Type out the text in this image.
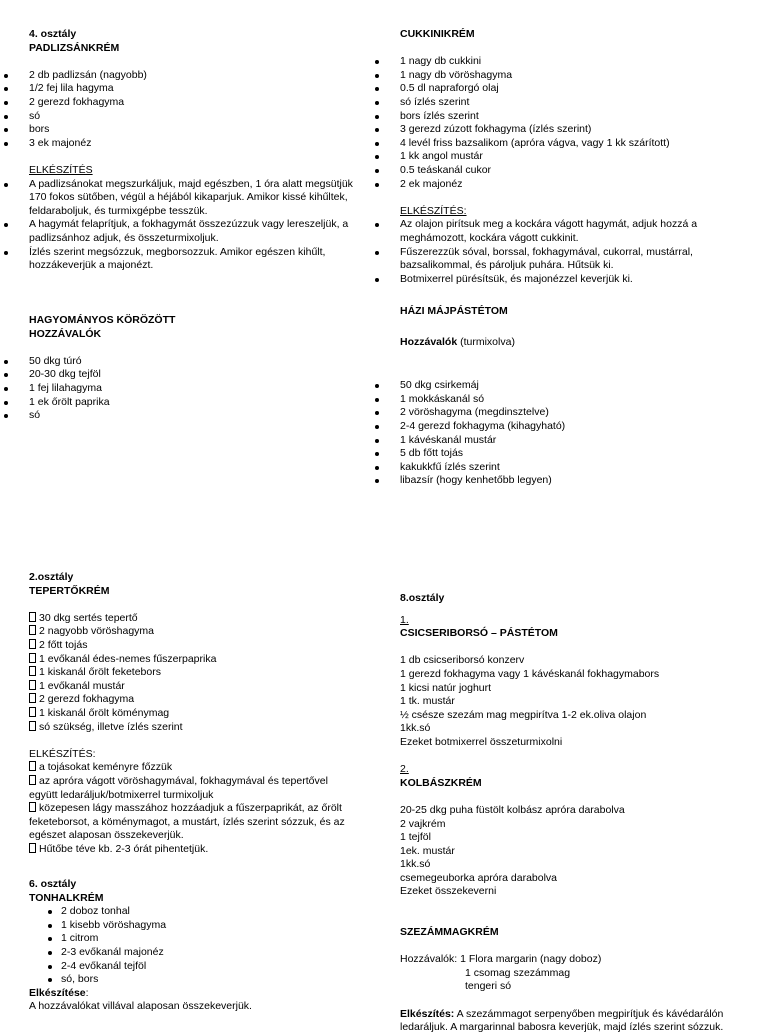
4. osztály
PADLIZSÁNKRÉM
2 db padlizsán (nagyobb)
1/2 fej lila hagyma
2 gerezd fokhagyma
só
bors
3 ek majonéz
ELKÉSZÍTÉS
A padlizsánokat megszurkáljuk, majd egészben, 1 óra alatt megsütjük
170 fokos sütőben, végül a héjából kikaparjuk. Amikor kissé kihűltek,
feldaraboljuk, és turmixgépbe tesszük.
A hagymát felaprítjuk, a fokhagymát összezúzzuk vagy lereszeljük, a
padlizsánhoz adjuk, és összeturmixoljuk.
Ízlés szerint megsózzuk, megborsozzuk. Amikor egészen kihűlt,
hozzákeverjük a majonézt.
HAGYOMÁNYOS KÖRÖZÖTT
HOZZÁVALÓK
50 dkg túró
20-30 dkg tejföl
1 fej lilahagyma
1 ek őrölt paprika
só
2.osztály
TEPERTŐKRÉM
30 dkg sertés tepertő
2 nagyobb vöröshagyma
2 főtt tojás
1 evőkanál édes-nemes fűszerpaprika
1 kiskanál őrölt feketebors
1 evőkanál mustár
2 gerezd fokhagyma
1 kiskanál őrölt köménymag
só szükség, illetve ízlés szerint
ELKÉSZÍTÉS:
a tojásokat keményre főzzük
az apróra vágott vöröshagymával, fokhagymával és tepertővel
együtt ledaráljuk/botmixerrel turmixoljuk
közepesen lágy masszához hozzáadjuk a fűszerpaprikát, az őrölt
feketeborsot, a köménymagot, a mustárt, ízlés szerint sózzuk, és az
egészet alaposan összekeverjük.
Hűtőbe téve kb. 2-3 órát pihentetjük.
6. osztály
TONHALKRÉM
2 doboz tonhal
1 kisebb vöröshagyma
1 citrom
2-3 evőkanál majonéz
2-4 evőkanál tejföl
só, bors
Elkészítése:
A hozzávalókat villával alaposan összekeverjük.
CUKKINIKRÉM
1 nagy db cukkini
1 nagy db vöröshagyma
0.5 dl napraforgó olaj
só ízlés szerint
bors ízlés szerint
3 gerezd zúzott fokhagyma (ízlés szerint)
4 levél friss bazsalikom (apróra vágva, vagy 1 kk szárított)
1 kk angol mustár
0.5 teáskanál cukor
2 ek majonéz
ELKÉSZÍTÉS:
Az olajon pirítsuk meg a kockára vágott hagymát, adjuk hozzá a
meghámozott, kockára vágott cukkinit.
Fűszerezzük sóval, borssal, fokhagymával, cukorral, mustárral,
bazsalikommal, és pároljuk puhára. Hűtsük ki.
Botmixerrel pürésítsük, és majonézzel keverjük ki.
HÁZI MÁJPÁSTÉTOM
Hozzávalók (turmixolva)
50 dkg csirkemáj
1 mokkáskanál só
2 vöröshagyma (megdinsztelve)
2-4 gerezd fokhagyma (kihagyható)
1 kávéskanál mustár
5 db főtt tojás
kakukkfű ízlés szerint
libazsír (hogy kenhetőbb legyen)
8.osztály
1.
CSICSERIBORSÓ – PÁSTÉTOM
1 db csicseriborsó konzerv
1 gerezd fokhagyma vagy 1 kávéskanál fokhagymabors
1 kicsi natúr joghurt
1 tk. mustár
½ csésze szezám mag megpirítva 1-2 ek.oliva olajon
1kk.só
Ezeket botmixerrel összeturmixolni
2.
KOLBÁSZKRÉM
20-25 dkg puha füstölt kolbász apróra darabolva
2 vajkrém
1 tejföl
1ek. mustár
1kk.só
csemegeuborka apróra darabolva
Ezeket összekeverni
SZEZÁMMAGKRÉM
Hozzávalók: 1 Flora margarin (nagy doboz)
1 csomag szezámmag
tengeri só
Elkészítés: A szezámmagot serpenyőben megpirítjuk és kávédarálón
ledaráljuk. A margarinnal babosra keverjük, majd ízlés szerint sózzuk.
